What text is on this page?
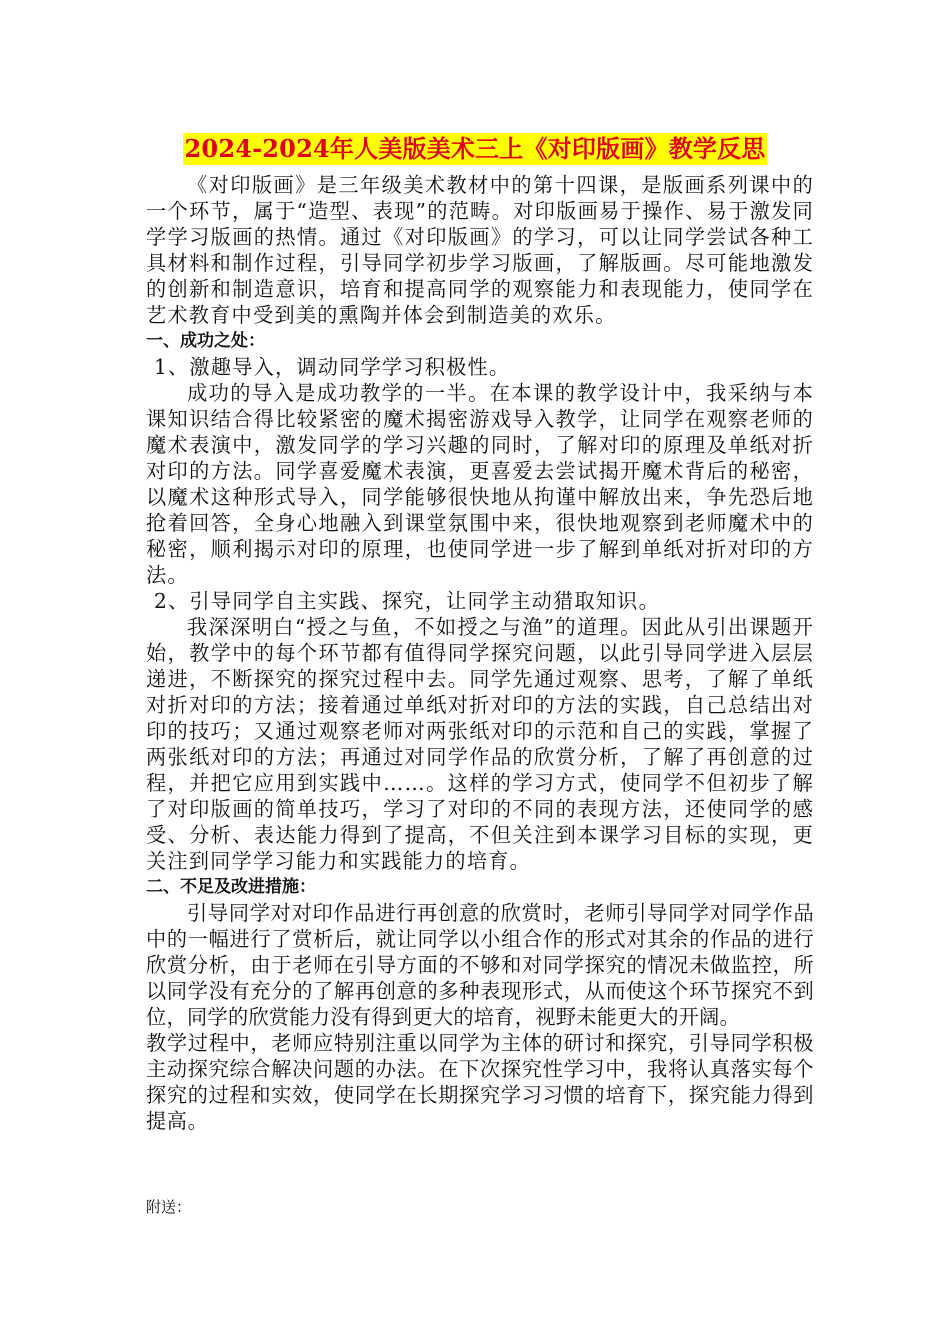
2024-2024年人美版美术三上《对印版画》教学反思

《对印版画》是三年级美术教材中的第十四课，是版画系列课中的一个环节，属于“造型、表现”的范畴。对印版画易于操作、易于激发同学学习版画的热情。通过《对印版画》的学习，可以让同学尝试各种工具材料和制作过程，引导同学初步学习版画，了解版画。尽可能地激发的创新和制造意识，培育和提高同学的观察能力和表现能力，使同学在艺术教育中受到美的熏陶并体会到制造美的欢乐。

一、成功之处：

1、激趣导入，调动同学学习积极性。

成功的导入是成功教学的一半。在本课的教学设计中，我采纳与本课知识结合得比较紧密的魔术揭密游戏导入教学，让同学在观察老师的魔术表演中，激发同学的学习兴趣的同时，了解对印的原理及单纸对折对印的方法。同学喜爱魔术表演，更喜爱去尝试揭开魔术背后的秘密，以魔术这种形式导入，同学能够很快地从拘谨中解放出来，争先恐后地抢着回答，全身心地融入到课堂氛围中来，很快地观察到老师魔术中的秘密，顺利揭示对印的原理，也使同学进一步了解到单纸对折对印的方法。

2、引导同学自主实践、探究，让同学主动猎取知识。

我深深明白“授之与鱼，不如授之与渔”的道理。因此从引出课题开始，教学中的每个环节都有值得同学探究问题，以此引导同学进入层层递进，不断探究的探究过程中去。同学先通过观察、思考，了解了单纸对折对印的方法；接着通过单纸对折对印的方法的实践，自己总结出对印的技巧；又通过观察老师对两张纸对印的示范和自己的实践，掌握了两张纸对印的方法；再通过对同学作品的欣赏分析，了解了再创意的过程，并把它应用到实践中……。这样的学习方式，使同学不但初步了解了对印版画的简单技巧，学习了对印的不同的表现方法，还使同学的感受、分析、表达能力得到了提高，不但关注到本课学习目标的实现，更关注到同学学习能力和实践能力的培育。

二、不足及改进措施：

引导同学对对印作品进行再创意的欣赏时，老师引导同学对同学作品中的一幅进行了赏析后，就让同学以小组合作的形式对其余的作品的进行欣赏分析，由于老师在引导方面的不够和对同学探究的情况未做监控，所以同学没有充分的了解再创意的多种表现形式，从而使这个环节探究不到位，同学的欣赏能力没有得到更大的培育，视野未能更大的开阔。

教学过程中，老师应特别注重以同学为主体的研讨和探究，引导同学积极主动探究综合解决问题的办法。在下次探究性学习中，我将认真落实每个探究的过程和实效，使同学在长期探究学习习惯的培育下，探究能力得到提高。

附送：
